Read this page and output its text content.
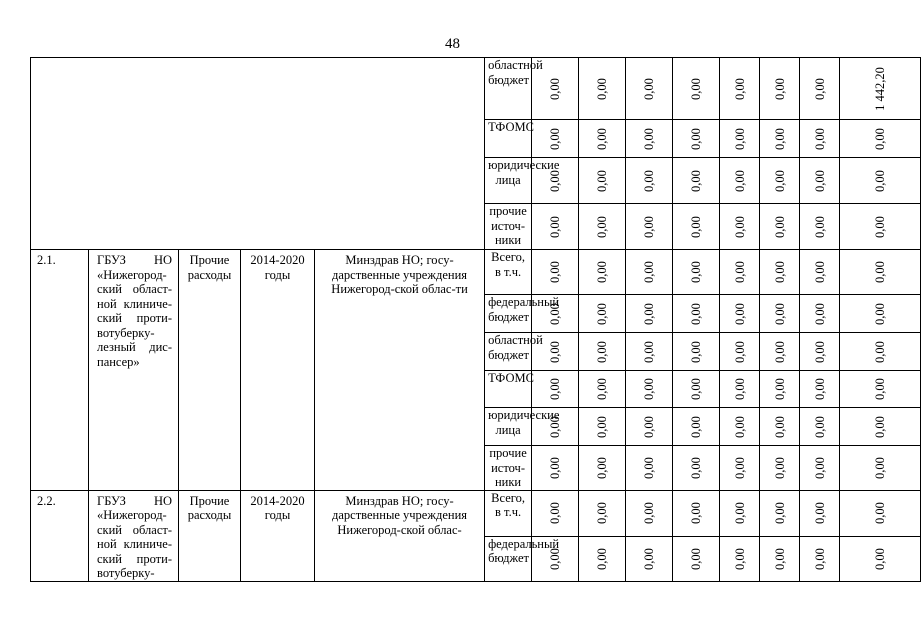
48
					областной бюджет	0,00	0,00	0,00	0,00	0,00	0,00	0,00	1 442,20

					ТФОМС	0,00	0,00	0,00	0,00	0,00	0,00	0,00	0,00

					юридические лица	0,00	0,00	0,00	0,00	0,00	0,00	0,00	0,00

					прочие источ-ники	0,00	0,00	0,00	0,00	0,00	0,00	0,00	0,00

2.1.	ГБУЗ НО
«Нижегород-ский област-ной клиниче-ский проти-вотуберку-лезный дис-пансер»	Прочие расходы	2014-2020 годы	Минздрав НО; госу-дарственные учреждения Нижегород-ской облас-ти	Всего, в т.ч.	0,00	0,00	0,00	0,00	0,00	0,00	0,00	0,00

					федеральный бюджет	0,00	0,00	0,00	0,00	0,00	0,00	0,00	0,00

					областной бюджет	0,00	0,00	0,00	0,00	0,00	0,00	0,00	0,00

					ТФОМС	0,00	0,00	0,00	0,00	0,00	0,00	0,00	0,00

					юридические лица	0,00	0,00	0,00	0,00	0,00	0,00	0,00	0,00

					прочие источ-ники	0,00	0,00	0,00	0,00	0,00	0,00	0,00	0,00

2.2.	ГБУЗ НО
«Нижегород-ский област-ной клиниче-ский проти-вотуберку-	Прочие расходы	2014-2020 годы	Минздрав НО; госу-дарственные учреждения Нижегород-ской облас-	Всего, в т.ч.	0,00	0,00	0,00	0,00	0,00	0,00	0,00	0,00

					федеральный бюджет	0,00	0,00	0,00	0,00	0,00	0,00	0,00	0,00
